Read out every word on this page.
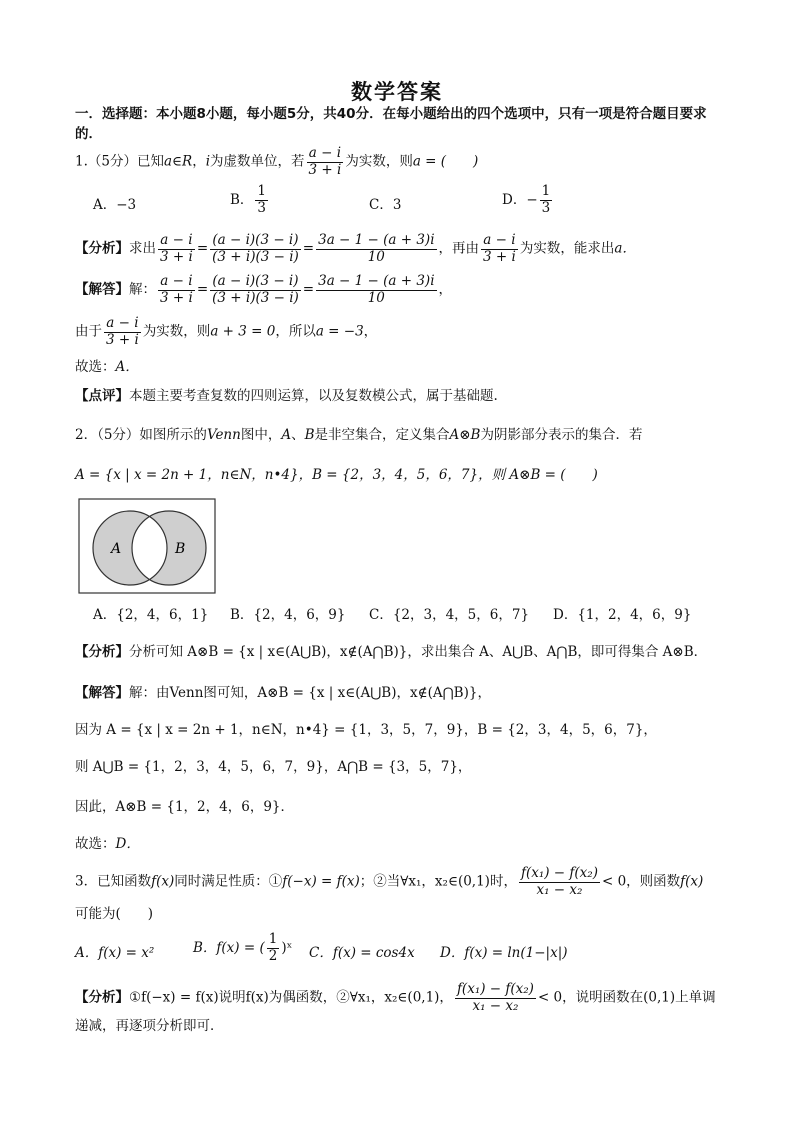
数学答案
一．选择题：本小题8小题，每小题5分，共40分．在每小题给出的四个选项中，只有一项是符合题目要求的．
1.（5分）已知a∈R，i为虚数单位，若 $\frac{a - i}{3 + i}$ 为实数，则a = (　　)
A．−3	B． $\frac{1}{3}$	C．3	D．− $\frac{1}{3}$
【分析】求出 $\frac{a - i}{3 + i} = \frac{(a - i)(3 - i)}{(3 + i)(3 - i)} = \frac{3a - 1 - (a + 3)i}{10}$ ，再由 $\frac{a - i}{3 + i}$ 为实数，能求出a．
【解答】解： $\frac{a - i}{3 + i} = \frac{(a - i)(3 - i)}{(3 + i)(3 - i)} = \frac{3a - 1 - (a + 3)i}{10}$ ，
由于 $\frac{a - i}{3 + i}$ 为实数，则a + 3 = 0，所以a = −3，
故选：A．
【点评】本题主要考查复数的四则运算，以及复数模公式，属于基础题.
2．（5分）如图所示的Venn图中，A、B是非空集合，定义集合A⊗B为阴影部分表示的集合．若
A = {x | x = 2n + 1，n∈N，n•4}，B = {2，3，4，5，6，7}，则 A⊗B = (　　)
A	B
A．{2，4，6，1} B．{2，4，6，9} C．{2，3，4，5，6，7} D．{1，2，4，6，9}
【分析】分析可知 A⊗B = {x | x∈(A⋃B)，x∉(A⋂B)}，求出集合 A、A⋃B、A⋂B，即可得集合 A⊗B．
【解答】解：由Venn图可知，A⊗B = {x | x∈(A⋃B)，x∉(A⋂B)}，
因为 A = {x | x = 2n + 1，n∈N，n•4} = {1，3，5，7，9}，B = {2，3，4，5，6，7}，
则 A⋃B = {1，2，3，4，5，6，7，9}，A⋂B = {3，5，7}，
因此，A⊗B = {1，2，4，6，9}．
故选：D．
3．已知函数f(x)同时满足性质：①f(−x) = f(x)；②当∀x₁，x₂∈(0,1)时， $\frac{\text{f(x₁) − f(x₂)}}{\text{x₁ − x₂}} < 0$，则函数f(x)
可能为(　　)
A．f(x) = x²	B．f(x) = ( $\frac{1}{2}$ )ˣ C．f(x) = cos4x D．f(x) = ln(1−|x|)
【分析】①f(−x) = f(x)说明f(x)为偶函数，②∀x₁，x₂∈(0,1)， $\frac{\text{f(x₁) − f(x₂)}}{\text{x₁ − x₂}} < 0$，说明函数在(0,1)上单调
递减，再逐项分析即可．
